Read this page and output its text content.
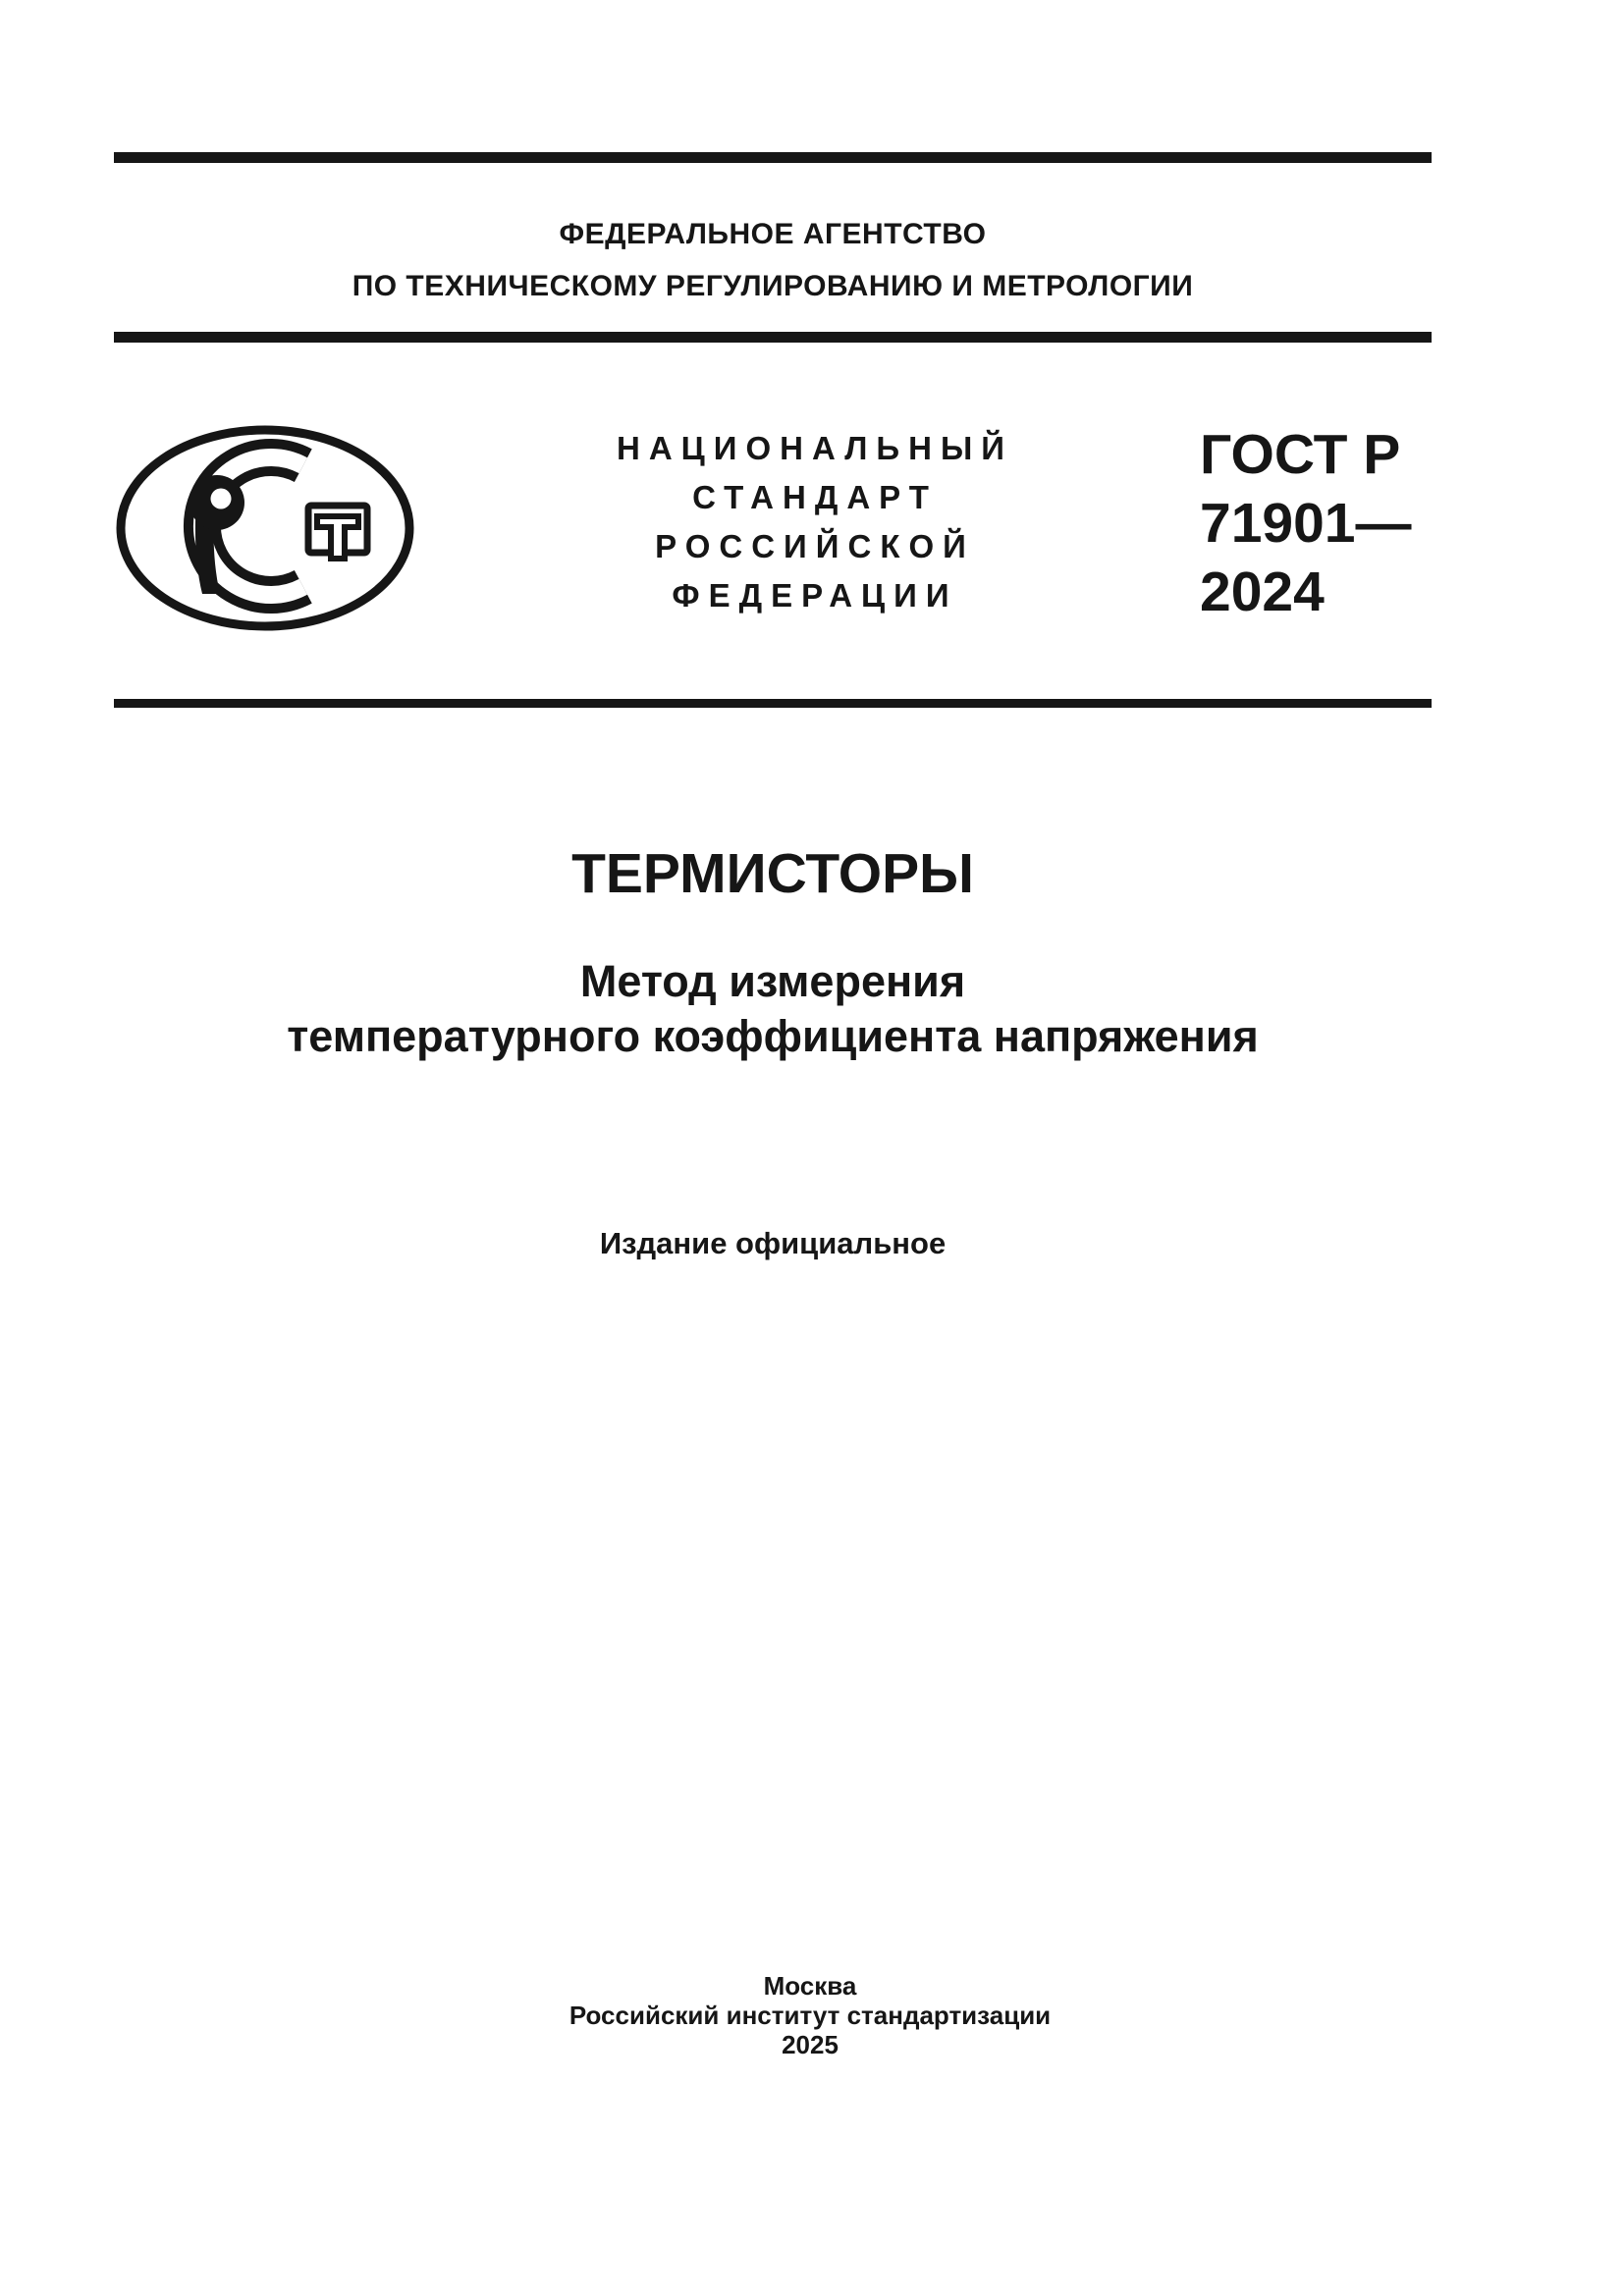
ФЕДЕРАЛЬНОЕ АГЕНТСТВО
ПО ТЕХНИЧЕСКОМУ РЕГУЛИРОВАНИЮ И МЕТРОЛОГИИ
НАЦИОНАЛЬНЫЙ
СТАНДАРТ
РОССИЙСКОЙ
ФЕДЕРАЦИИ
ГОСТ Р
71901—
2024
ТЕРМИСТОРЫ
Метод измерения
температурного коэффициента напряжения
Издание официальное
Москва
Российский институт стандартизации
2025
